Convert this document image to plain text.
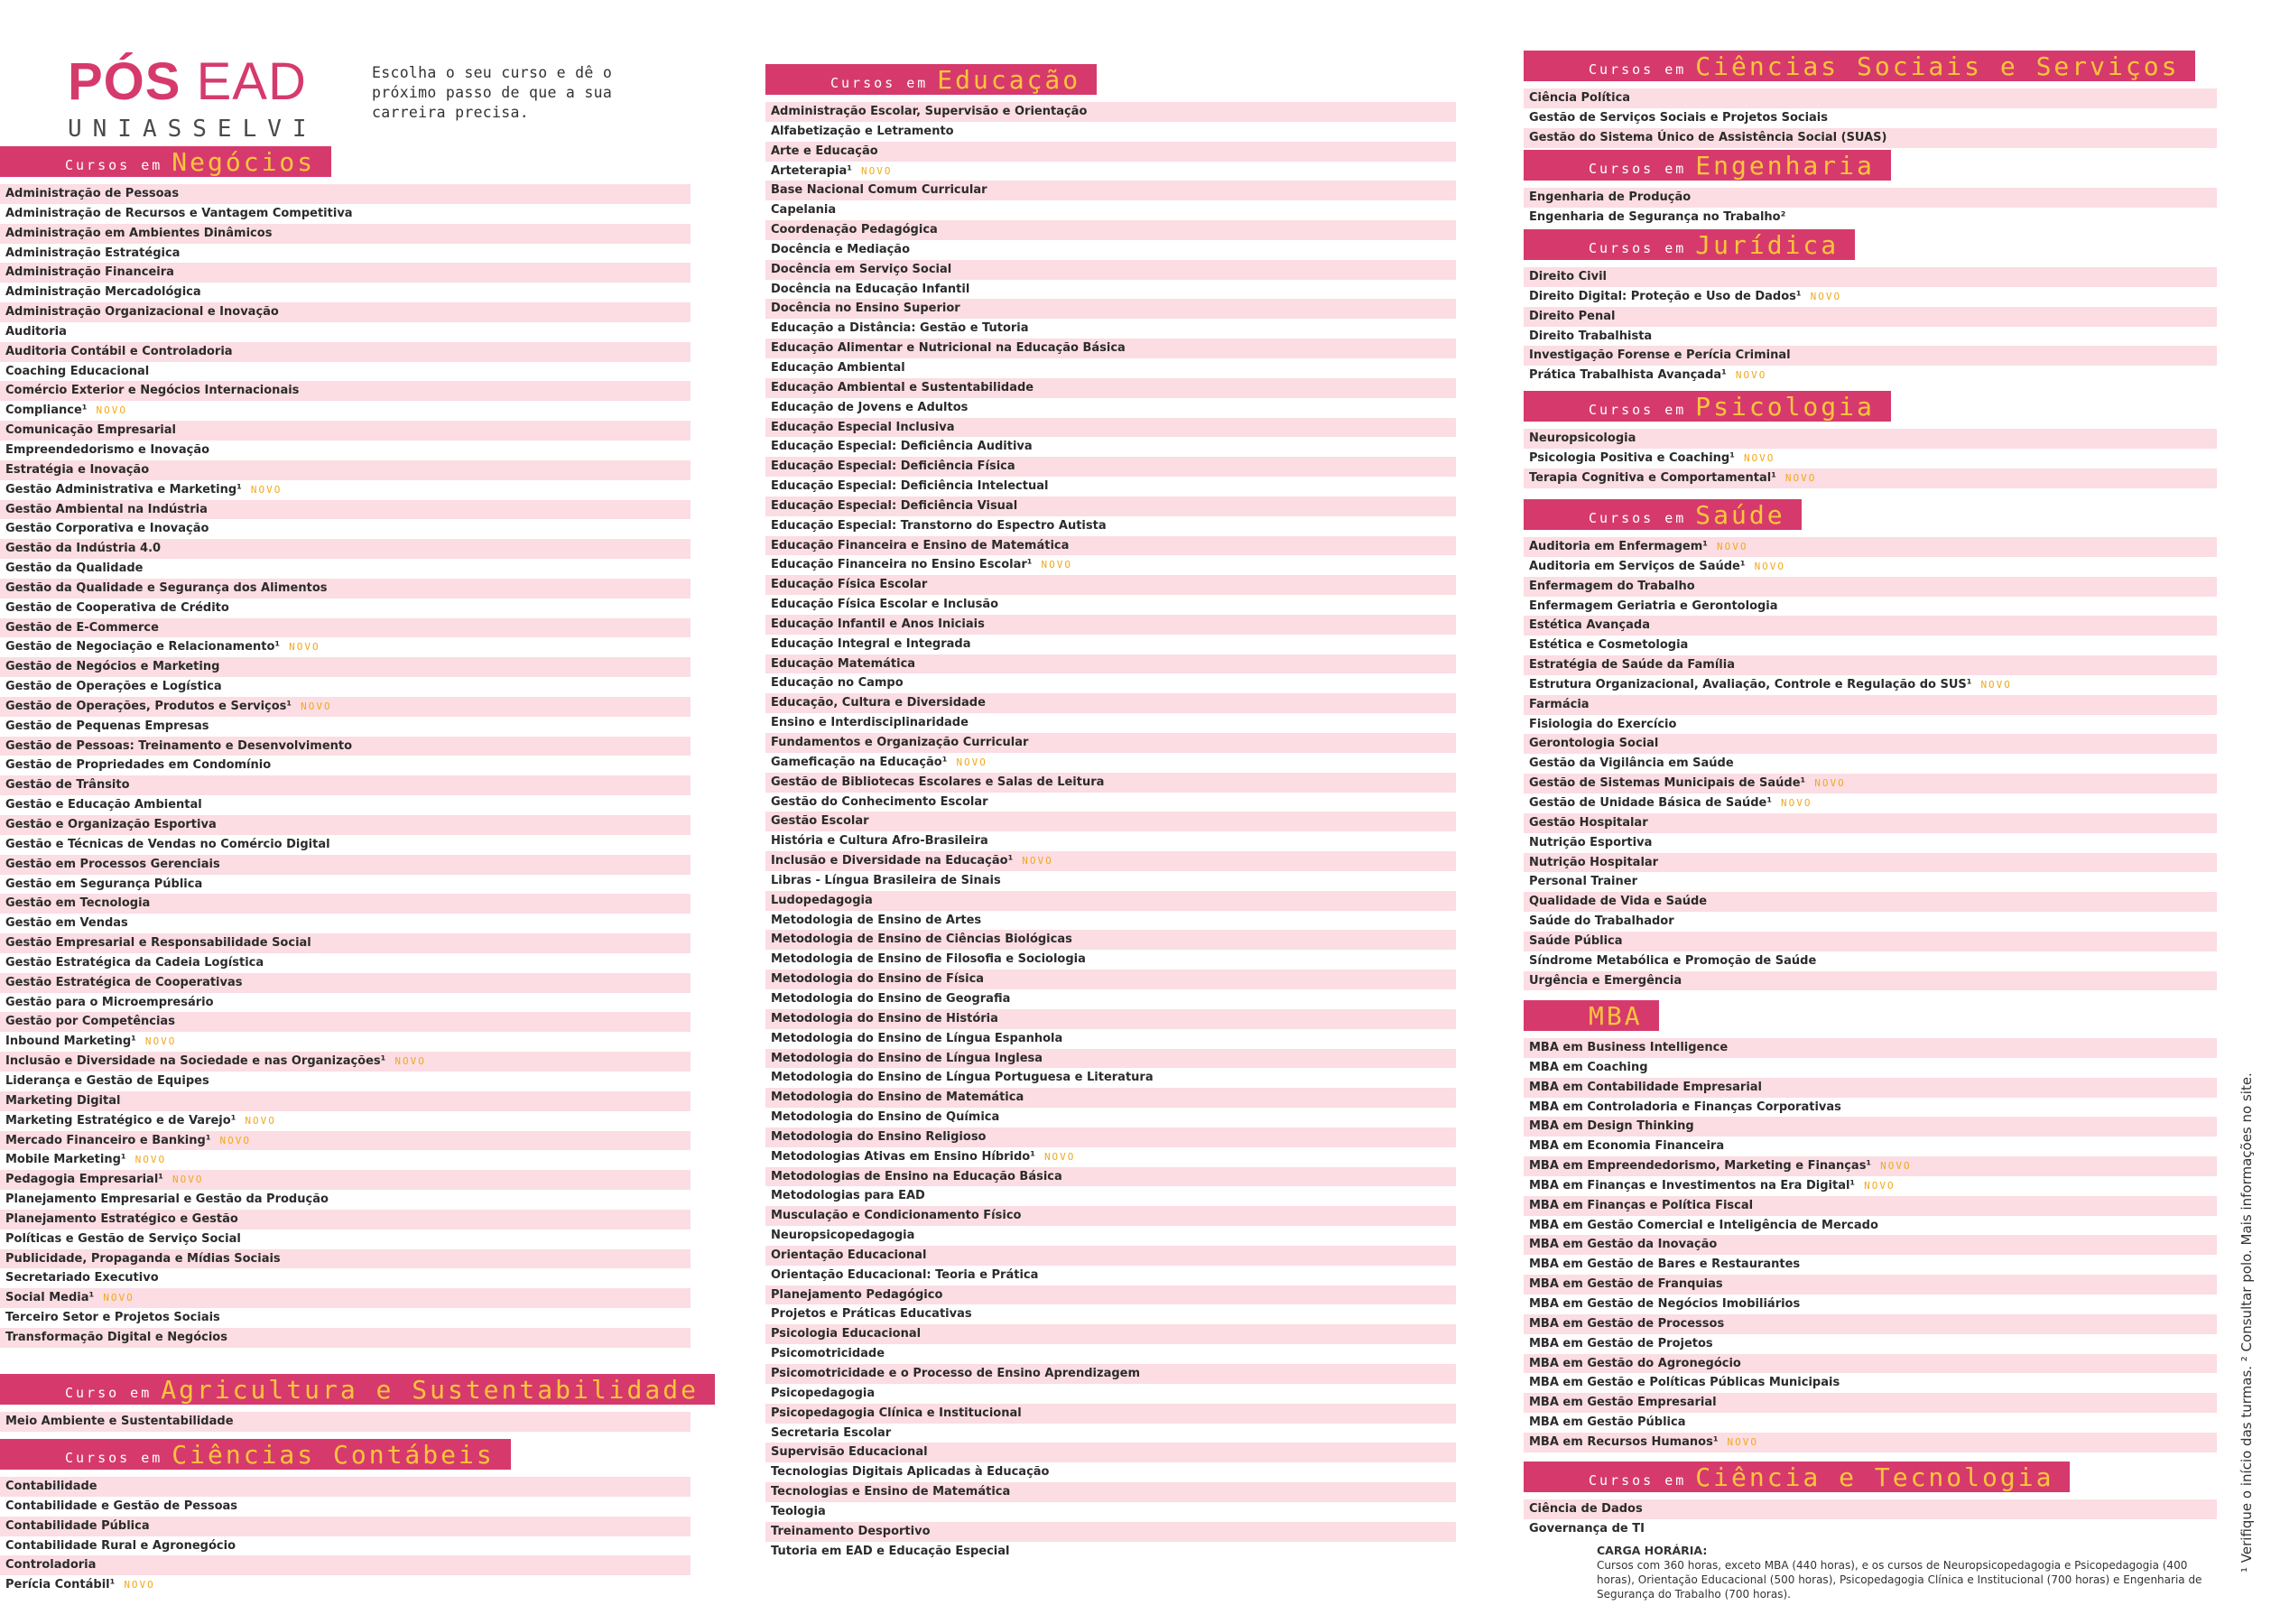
PÓS EAD
UNIASSELVI
Escolha o seu curso e dê o próximo passo de que a sua carreira precisa.
Cursos em Negócios
Administração de Pessoas
Administração de Recursos e Vantagem Competitiva
Administração em Ambientes Dinâmicos
Administração Estratégica
Administração Financeira
Administração Mercadológica
Administração Organizacional e Inovação
Auditoria
Auditoria Contábil e Controladoria
Coaching Educacional
Comércio Exterior e Negócios Internacionais
Compliance¹ NOVO
Comunicação Empresarial
Empreendedorismo e Inovação
Estratégia e Inovação
Gestão Administrativa e Marketing¹ NOVO
Gestão Ambiental na Indústria
Gestão Corporativa e Inovação
Gestão da Indústria 4.0
Gestão da Qualidade
Gestão da Qualidade e Segurança dos Alimentos
Gestão de Cooperativa de Crédito
Gestão de E-Commerce
Gestão de Negociação e Relacionamento¹ NOVO
Gestão de Negócios e Marketing
Gestão de Operações e Logística
Gestão de Operações, Produtos e Serviços¹ NOVO
Gestão de Pequenas Empresas
Gestão de Pessoas: Treinamento e Desenvolvimento
Gestão de Propriedades em Condomínio
Gestão de Trânsito
Gestão e Educação Ambiental
Gestão e Organização Esportiva
Gestão e Técnicas de Vendas no Comércio Digital
Gestão em Processos Gerenciais
Gestão em Segurança Pública
Gestão em Tecnologia
Gestão em Vendas
Gestão Empresarial e Responsabilidade Social
Gestão Estratégica da Cadeia Logística
Gestão Estratégica de Cooperativas
Gestão para o Microempresário
Gestão por Competências
Inbound Marketing¹ NOVO
Inclusão e Diversidade na Sociedade e nas Organizações¹ NOVO
Liderança e Gestão de Equipes
Marketing Digital
Marketing Estratégico e de Varejo¹ NOVO
Mercado Financeiro e Banking¹ NOVO
Mobile Marketing¹ NOVO
Pedagogia Empresarial¹ NOVO
Planejamento Empresarial e Gestão da Produção
Planejamento Estratégico e Gestão
Políticas e Gestão de Serviço Social
Publicidade, Propaganda e Mídias Sociais
Secretariado Executivo
Social Media¹ NOVO
Terceiro Setor e Projetos Sociais
Transformação Digital e Negócios
Curso em Agricultura e Sustentabilidade
Meio Ambiente e Sustentabilidade
Cursos em Ciências Contábeis
Contabilidade
Contabilidade e Gestão de Pessoas
Contabilidade Pública
Contabilidade Rural e Agronegócio
Controladoria
Perícia Contábil¹ NOVO
Cursos em Educação
Administração Escolar, Supervisão e Orientação
Alfabetização e Letramento
Arte e Educação
Arteterapia¹ NOVO
Base Nacional Comum Curricular
Capelania
Coordenação Pedagógica
Docência e Mediação
Docência em Serviço Social
Docência na Educação Infantil
Docência no Ensino Superior
Educação a Distância: Gestão e Tutoria
Educação Alimentar e Nutricional na Educação Básica
Educação Ambiental
Educação Ambiental e Sustentabilidade
Educação de Jovens e Adultos
Educação Especial Inclusiva
Educação Especial: Deficiência Auditiva
Educação Especial: Deficiência Física
Educação Especial: Deficiência Intelectual
Educação Especial: Deficiência Visual
Educação Especial: Transtorno do Espectro Autista
Educação Financeira e Ensino de Matemática
Educação Financeira no Ensino Escolar¹ NOVO
Educação Física Escolar
Educação Física Escolar e Inclusão
Educação Infantil e Anos Iniciais
Educação Integral e Integrada
Educação Matemática
Educação no Campo
Educação, Cultura e Diversidade
Ensino e Interdisciplinaridade
Fundamentos e Organização Curricular
Gameficação na Educação¹ NOVO
Gestão de Bibliotecas Escolares e Salas de Leitura
Gestão do Conhecimento Escolar
Gestão Escolar
História e Cultura Afro-Brasileira
Inclusão e Diversidade na Educação¹ NOVO
Libras - Língua Brasileira de Sinais
Ludopedagogia
Metodologia de Ensino de Artes
Metodologia de Ensino de Ciências Biológicas
Metodologia de Ensino de Filosofia e Sociologia
Metodologia do Ensino de Física
Metodologia do Ensino de Geografia
Metodologia do Ensino de História
Metodologia do Ensino de Língua Espanhola
Metodologia do Ensino de Língua Inglesa
Metodologia do Ensino de Língua Portuguesa e Literatura
Metodologia do Ensino de Matemática
Metodologia do Ensino de Química
Metodologia do Ensino Religioso
Metodologias Ativas em Ensino Híbrido¹ NOVO
Metodologias de Ensino na Educação Básica
Metodologias para EAD
Musculação e Condicionamento Físico
Neuropsicopedagogia
Orientação Educacional
Orientação Educacional: Teoria e Prática
Planejamento Pedagógico
Projetos e Práticas Educativas
Psicologia Educacional
Psicomotricidade
Psicomotricidade e o Processo de Ensino Aprendizagem
Psicopedagogia
Psicopedagogia Clínica e Institucional
Secretaria Escolar
Supervisão Educacional
Tecnologias Digitais Aplicadas à Educação
Tecnologias e Ensino de Matemática
Teologia
Treinamento Desportivo
Tutoria em EAD e Educação Especial
Cursos em Ciências Sociais e Serviços
Ciência Política
Gestão de Serviços Sociais e Projetos Sociais
Gestão do Sistema Único de Assistência Social (SUAS)
Cursos em Engenharia
Engenharia de Produção
Engenharia de Segurança no Trabalho²
Cursos em Jurídica
Direito Civil
Direito Digital: Proteção e Uso de Dados¹ NOVO
Direito Penal
Direito Trabalhista
Investigação Forense e Perícia Criminal
Prática Trabalhista Avançada¹ NOVO
Cursos em Psicologia
Neuropsicologia
Psicologia Positiva e Coaching¹ NOVO
Terapia Cognitiva e Comportamental¹ NOVO
Cursos em Saúde
Auditoria em Enfermagem¹ NOVO
Auditoria em Serviços de Saúde¹ NOVO
Enfermagem do Trabalho
Enfermagem Geriatria e Gerontologia
Estética Avançada
Estética e Cosmetologia
Estratégia de Saúde da Família
Estrutura Organizacional, Avaliação, Controle e Regulação do SUS¹ NOVO
Farmácia
Fisiologia do Exercício
Gerontologia Social
Gestão da Vigilância em Saúde
Gestão de Sistemas Municipais de Saúde¹ NOVO
Gestão de Unidade Básica de Saúde¹ NOVO
Gestão Hospitalar
Nutrição Esportiva
Nutrição Hospitalar
Personal Trainer
Qualidade de Vida e Saúde
Saúde do Trabalhador
Saúde Pública
Síndrome Metabólica e Promoção de Saúde
Urgência e Emergência
MBA
MBA em Business Intelligence
MBA em Coaching
MBA em Contabilidade Empresarial
MBA em Controladoria e Finanças Corporativas
MBA em Design Thinking
MBA em Economia Financeira
MBA em Empreendedorismo, Marketing e Finanças¹ NOVO
MBA em Finanças e Investimentos na Era Digital¹ NOVO
MBA em Finanças e Política Fiscal
MBA em Gestão Comercial e Inteligência de Mercado
MBA em Gestão da Inovação
MBA em Gestão de Bares e Restaurantes
MBA em Gestão de Franquias
MBA em Gestão de Negócios Imobiliários
MBA em Gestão de Processos
MBA em Gestão de Projetos
MBA em Gestão do Agronegócio
MBA em Gestão e Políticas Públicas Municipais
MBA em Gestão Empresarial
MBA em Gestão Pública
MBA em Recursos Humanos¹ NOVO
Cursos em Ciência e Tecnologia
Ciência de Dados
Governança de TI
CARGA HORÁRIA:
Cursos com 360 horas, exceto MBA (440 horas), e os cursos de Neuropsicopedagogia e Psicopedagogia (400 horas), Orientação Educacional (500 horas), Psicopedagogia Clínica e Institucional (700 horas) e Engenharia de Segurança do Trabalho (700 horas).
¹ Verifique o início das turmas. ² Consultar polo. Mais informações no site.
